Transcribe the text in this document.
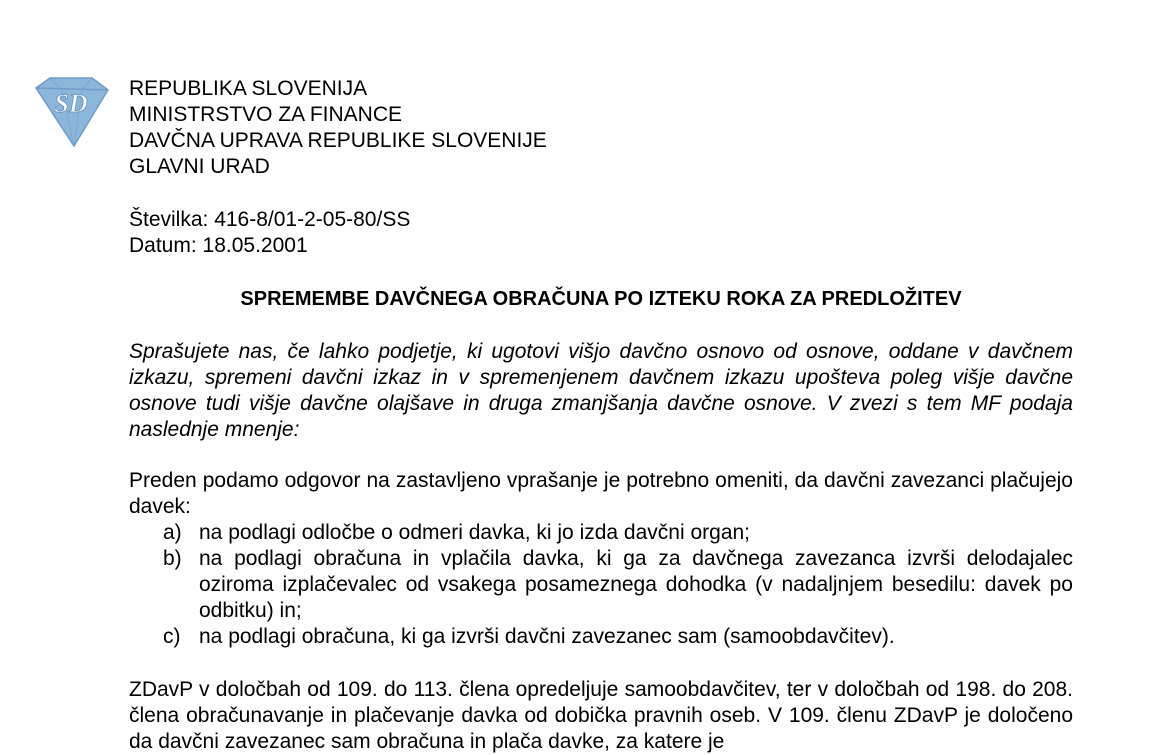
SD
REPUBLIKA SLOVENIJA
MINISTRSTVO ZA FINANCE
DAVČNA UPRAVA REPUBLIKE SLOVENIJE
GLAVNI URAD
Številka: 416-8/01-2-05-80/SS
Datum: 18.05.2001
SPREMEMBE DAVČNEGA OBRAČUNA PO IZTEKU ROKA ZA PREDLOŽITEV
Sprašujete nas, če lahko podjetje, ki ugotovi višjo davčno osnovo od osnove, oddane v davčnem izkazu, spremeni davčni izkaz in v spremenjenem davčnem izkazu upošteva poleg višje davčne osnove tudi višje davčne olajšave in druga zmanjšanja davčne osnove. V zvezi s tem MF podaja naslednje mnenje:
Preden podamo odgovor na zastavljeno vprašanje je potrebno omeniti, da davčni zavezanci plačujejo davek:
a) na podlagi odločbe o odmeri davka, ki jo izda davčni organ;
b) na podlagi obračuna in vplačila davka, ki ga za davčnega zavezanca izvrši delodajalec oziroma izplačevalec od vsakega posameznega dohodka (v nadaljnjem besedilu: davek po odbitku) in;
c) na podlagi obračuna, ki ga izvrši davčni zavezanec sam (samoobdavčitev).
ZDavP v določbah od 109. do 113. člena opredeljuje samoobdavčitev, ter v določbah od 198. do 208. člena obračunavanje in plačevanje davka od dobička pravnih oseb. V 109. členu ZDavP je določeno da davčni zavezanec sam obračuna in plača davke, za katere je
